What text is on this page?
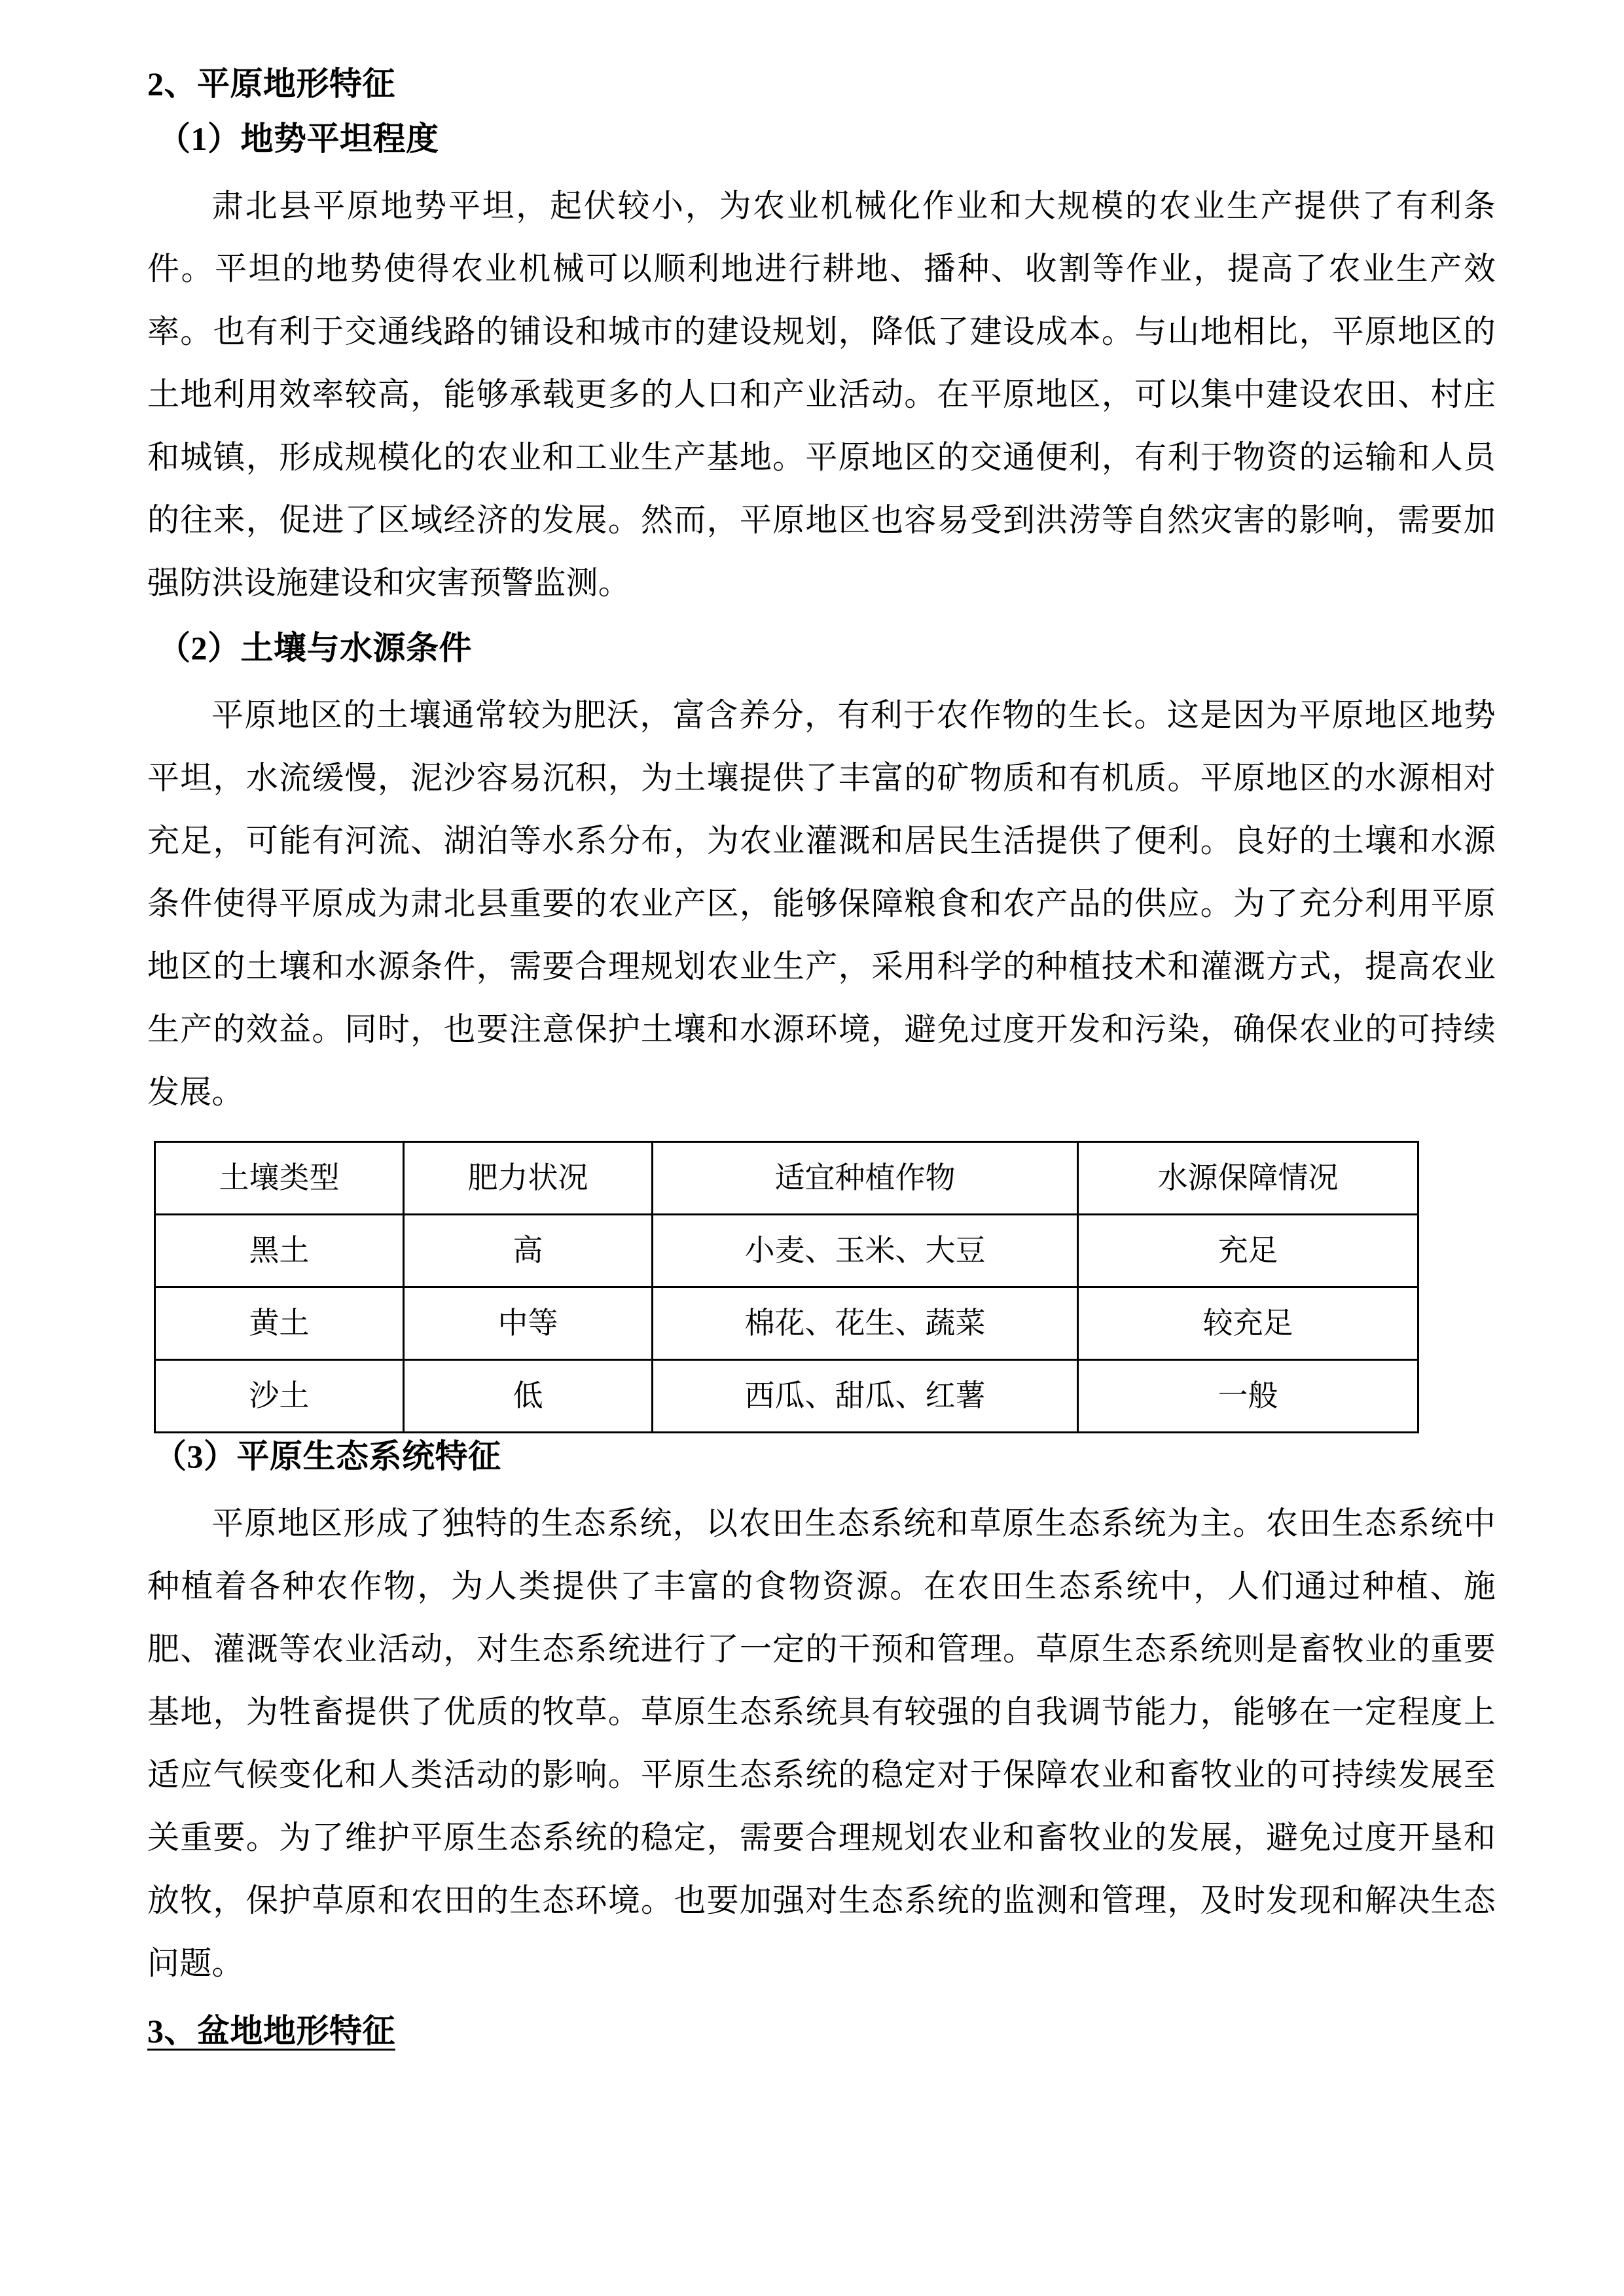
2、平原地形特征
（1）地势平坦程度

肃北县平原地势平坦，起伏较小，为农业机械化作业和大规模的农业生产提供了有利条件。平坦的地势使得农业机械可以顺利地进行耕地、播种、收割等作业，提高了农业生产效率。也有利于交通线路的铺设和城市的建设规划，降低了建设成本。与山地相比，平原地区的土地利用效率较高，能够承载更多的人口和产业活动。在平原地区，可以集中建设农田、村庄和城镇，形成规模化的农业和工业生产基地。平原地区的交通便利，有利于物资的运输和人员的往来，促进了区域经济的发展。然而，平原地区也容易受到洪涝等自然灾害的影响，需要加强防洪设施建设和灾害预警监测。

（2）土壤与水源条件

平原地区的土壤通常较为肥沃，富含养分，有利于农作物的生长。这是因为平原地区地势平坦，水流缓慢，泥沙容易沉积，为土壤提供了丰富的矿物质和有机质。平原地区的水源相对充足，可能有河流、湖泊等水系分布，为农业灌溉和居民生活提供了便利。良好的土壤和水源条件使得平原成为肃北县重要的农业产区，能够保障粮食和农产品的供应。为了充分利用平原地区的土壤和水源条件，需要合理规划农业生产，采用科学的种植技术和灌溉方式，提高农业生产的效益。同时，也要注意保护土壤和水源环境，避免过度开发和污染，确保农业的可持续发展。

土壤类型	肥力状况	适宜种植作物	水源保障情况
黑土	高	小麦、玉米、大豆	充足
黄土	中等	棉花、花生、蔬菜	较充足
沙土	低	西瓜、甜瓜、红薯	一般
（3）平原生态系统特征

平原地区形成了独特的生态系统，以农田生态系统和草原生态系统为主。农田生态系统中种植着各种农作物，为人类提供了丰富的食物资源。在农田生态系统中，人们通过种植、施肥、灌溉等农业活动，对生态系统进行了一定的干预和管理。草原生态系统则是畜牧业的重要基地，为牲畜提供了优质的牧草。草原生态系统具有较强的自我调节能力，能够在一定程度上适应气候变化和人类活动的影响。平原生态系统的稳定对于保障农业和畜牧业的可持续发展至关重要。为了维护平原生态系统的稳定，需要合理规划农业和畜牧业的发展，避免过度开垦和放牧，保护草原和农田的生态环境。也要加强对生态系统的监测和管理，及时发现和解决生态问题。

3、盆地地形特征
